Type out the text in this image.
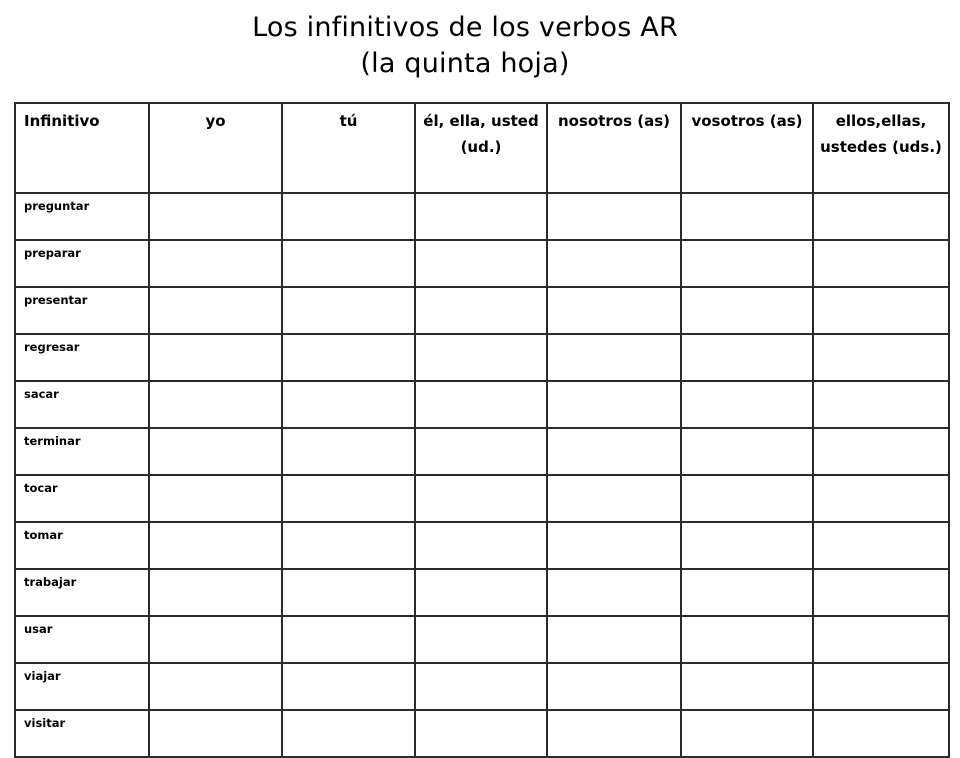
Los infinitivos de los verbos AR
(la quinta hoja)
Infinitivo	yo	tú	él, ella, usted (ud.)	nosotros (as)	vosotros (as)	ellos,ellas, ustedes (uds.)
preguntar						
preparar						
presentar						
regresar						
sacar						
terminar						
tocar						
tomar						
trabajar						
usar						
viajar						
visitar						
